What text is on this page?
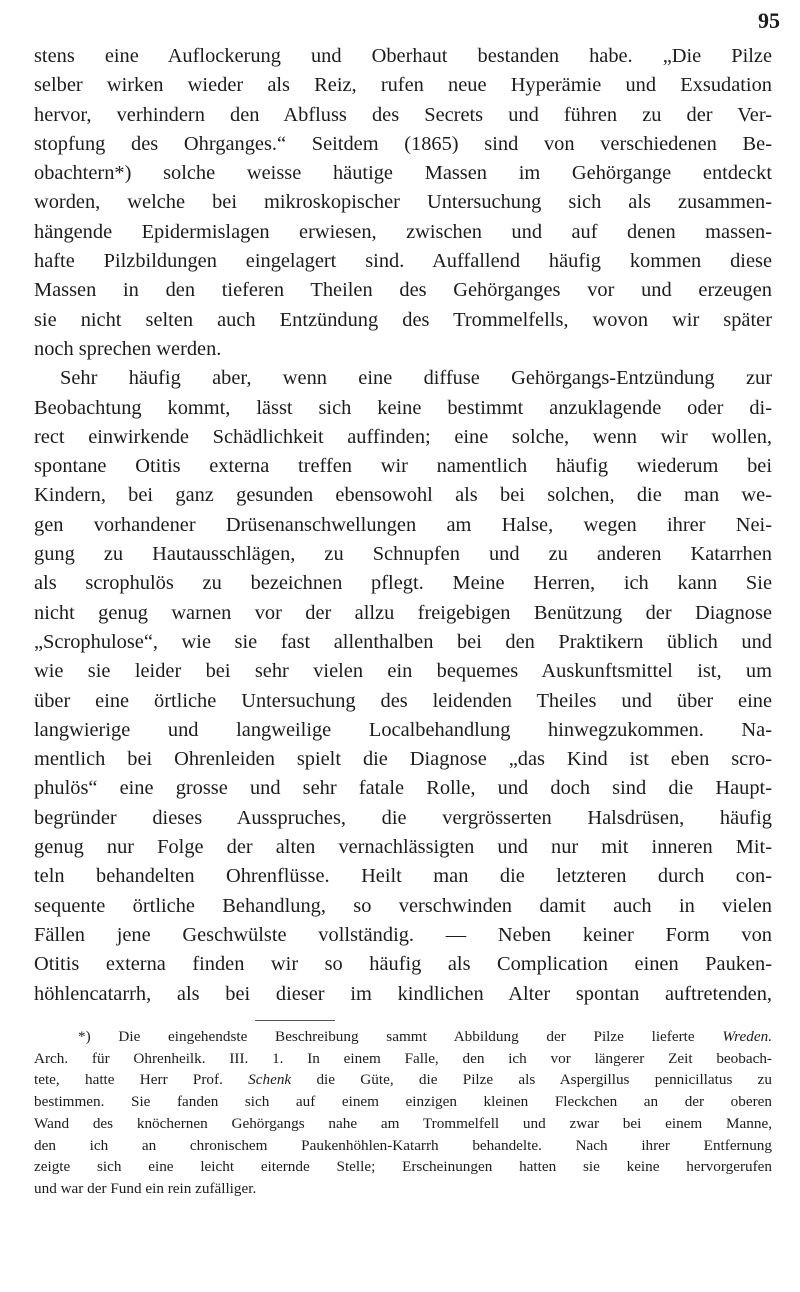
95
stens eine Auflockerung und Oberhaut bestanden habe. „Die Pilze
selber wirken wieder als Reiz, rufen neue Hyperämie und Exsudation
hervor, verhindern den Abfluss des Secrets und führen zu der Ver-
stopfung des Ohrganges.“ Seitdem (1865) sind von verschiedenen Be-
obachtern*) solche weisse häutige Massen im Gehörgange entdeckt
worden, welche bei mikroskopischer Untersuchung sich als zusammen-
hängende Epidermislagen erwiesen, zwischen und auf denen massen-
hafte Pilzbildungen eingelagert sind. Auffallend häufig kommen diese
Massen in den tieferen Theilen des Gehörganges vor und erzeugen
sie nicht selten auch Entzündung des Trommelfells, wovon wir später
noch sprechen werden.
Sehr häufig aber, wenn eine diffuse Gehörgangs-Entzündung zur
Beobachtung kommt, lässt sich keine bestimmt anzuklagende oder di-
rect einwirkende Schädlichkeit auffinden; eine solche, wenn wir wollen,
spontane Otitis externa treffen wir namentlich häufig wiederum bei
Kindern, bei ganz gesunden ebensowohl als bei solchen, die man we-
gen vorhandener Drüsenanschwellungen am Halse, wegen ihrer Nei-
gung zu Hautausschlägen, zu Schnupfen und zu anderen Katarrhen
als scrophulös zu bezeichnen pflegt. Meine Herren, ich kann Sie
nicht genug warnen vor der allzu freigebigen Benützung der Diagnose
„Scrophulose“, wie sie fast allenthalben bei den Praktikern üblich und
wie sie leider bei sehr vielen ein bequemes Auskunftsmittel ist, um
über eine örtliche Untersuchung des leidenden Theiles und über eine
langwierige und langweilige Localbehandlung hinwegzukommen. Na-
mentlich bei Ohrenleiden spielt die Diagnose „das Kind ist eben scro-
phulös“ eine grosse und sehr fatale Rolle, und doch sind die Haupt-
begründer dieses Ausspruches, die vergrösserten Halsdrüsen, häufig
genug nur Folge der alten vernachlässigten und nur mit inneren Mit-
teln behandelten Ohrenflüsse. Heilt man die letzteren durch con-
sequente örtliche Behandlung, so verschwinden damit auch in vielen
Fällen jene Geschwülste vollständig. — Neben keiner Form von
Otitis externa finden wir so häufig als Complication einen Pauken-
höhlencatarrh, als bei dieser im kindlichen Alter spontan auftretenden,
*) Die eingehendste Beschreibung sammt Abbildung der Pilze lieferte Wreden.
Arch. für Ohrenheilk. III. 1. In einem Falle, den ich vor längerer Zeit beobach-
tete, hatte Herr Prof. Schenk die Güte, die Pilze als Aspergillus pennicillatus zu
bestimmen. Sie fanden sich auf einem einzigen kleinen Fleckchen an der oberen
Wand des knöchernen Gehörgangs nahe am Trommelfell und zwar bei einem Manne,
den ich an chronischem Paukenhöhlen-Katarrh behandelte. Nach ihrer Entfernung
zeigte sich eine leicht eiternde Stelle; Erscheinungen hatten sie keine hervorgerufen
und war der Fund ein rein zufälliger.
